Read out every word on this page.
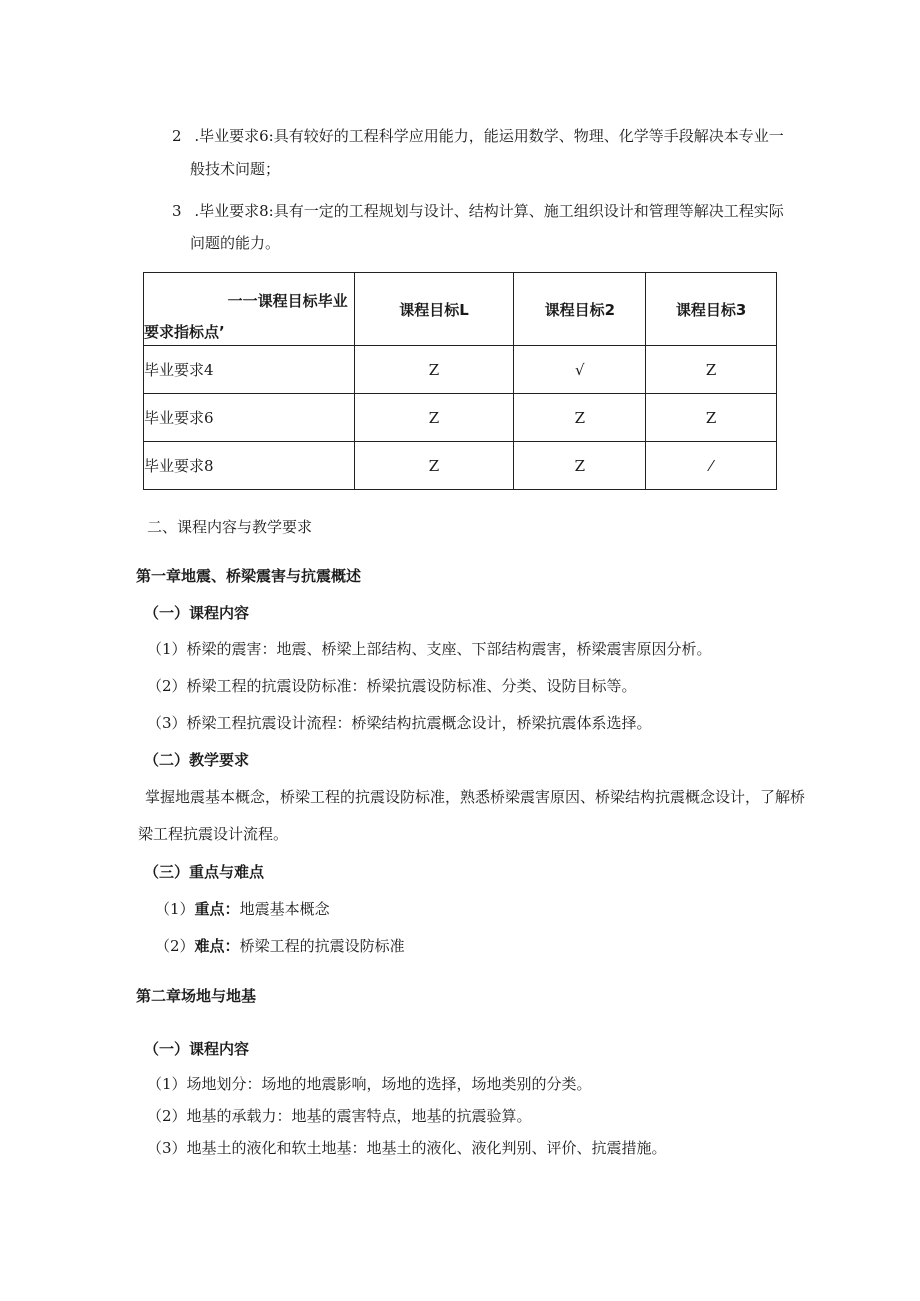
2 .毕业要求6:具有较好的工程科学应用能力，能运用数学、物理、化学等手段解决本专业一
般技术问题；
3 .毕业要求8:具有一定的工程规划与设计、结构计算、施工组织设计和管理等解决工程实际
问题的能力。
一一课程目标毕业
要求指标点’	课程目标L	课程目标2	课程目标3
毕业要求4	Z	√	Z
毕业要求6	Z	Z	Z
毕业要求8	Z	Z	⁄
二、课程内容与教学要求
第一章地震、桥梁震害与抗震概述
（一）课程内容
（1）桥梁的震害：地震、桥梁上部结构、支座、下部结构震害，桥梁震害原因分析。
（2）桥梁工程的抗震设防标准：桥梁抗震设防标准、分类、设防目标等。
（3）桥梁工程抗震设计流程：桥梁结构抗震概念设计，桥梁抗震体系选择。
（二）教学要求
掌握地震基本概念，桥梁工程的抗震设防标准，熟悉桥梁震害原因、桥梁结构抗震概念设计，了解桥
梁工程抗震设计流程。
（三）重点与难点
（1）重点：地震基本概念
（2）难点：桥梁工程的抗震设防标准
第二章场地与地基
（一）课程内容
（1）场地划分：场地的地震影响，场地的选择，场地类别的分类。
（2）地基的承载力：地基的震害特点，地基的抗震验算。
（3）地基土的液化和软土地基：地基土的液化、液化判别、评价、抗震措施。
